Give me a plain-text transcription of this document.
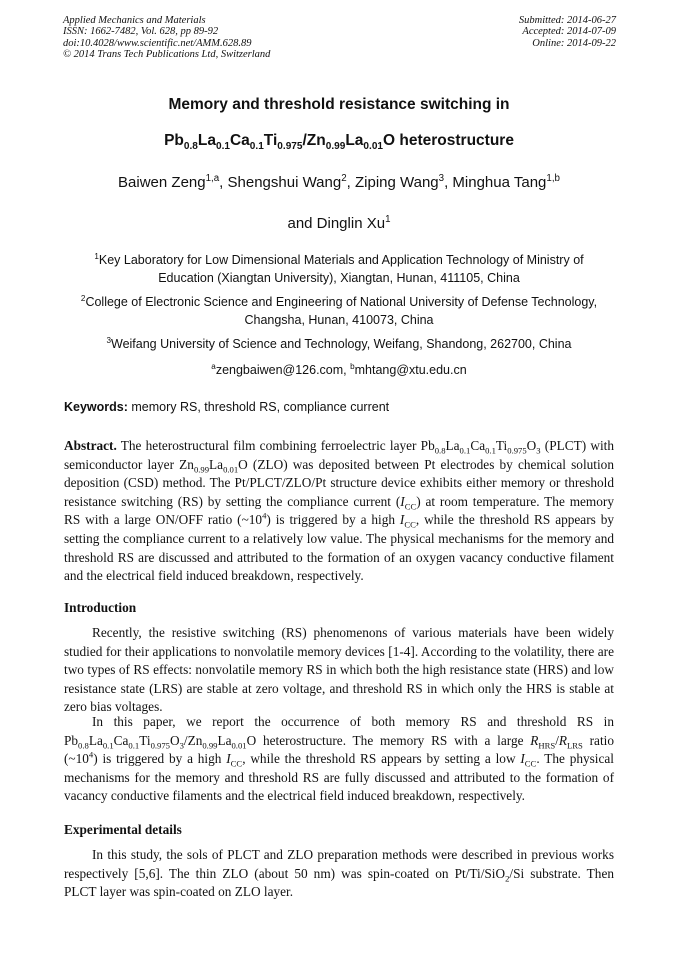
Applied Mechanics and Materials
ISSN: 1662-7482, Vol. 628, pp 89-92
doi:10.4028/www.scientific.net/AMM.628.89
© 2014 Trans Tech Publications Ltd, Switzerland
Submitted: 2014-06-27
Accepted: 2014-07-09
Online: 2014-09-22
Memory and threshold resistance switching in
$Pb_{0.8}La_{0.1}Ca_{0.1}Ti_{0.975}/Zn_{0.99}La_{0.01}O$ heterostructure
Baiwen Zeng$^{1,a}$, Shengshui Wang$^2$, Ziping Wang$^3$, Minghua Tang$^{1,b}$
and Dinglin Xu$^1$
$^1$Key Laboratory for Low Dimensional Materials and Application Technology of Ministry of
Education (Xiangtan University), Xiangtan, Hunan, 411105, China
$^2$College of Electronic Science and Engineering of National University of Defense Technology,
Changsha, Hunan, 410073, China
$^3$Weifang University of Science and Technology, Weifang, Shandong, 262700, China
$^a$zengbaiwen@126.com, $^b$mhtang@xtu.edu.cn
Keywords: memory RS, threshold RS, compliance current
Abstract. The heterostructural film combining ferroelectric layer $Pb_{0.8}La_{0.1}Ca_{0.1}Ti_{0.975}O_3$ (PLCT) with semiconductor layer $Zn_{0.99}La_{0.01}O$ (ZLO) was deposited between Pt electrodes by chemical solution deposition (CSD) method. The Pt/PLCT/ZLO/Pt structure device exhibits either memory or threshold resistance switching (RS) by setting the compliance current $(I_{CC})$ at room temperature. The memory RS with a large ON/OFF ratio $(\sim 10^4)$ is triggered by a high $I_{CC}$, while the threshold RS appears by setting the compliance current to a relatively low value. The physical mechanisms for the memory and threshold RS are discussed and attributed to the formation of an oxygen vacancy conductive filament and the electrical field induced breakdown, respectively.
Introduction
Recently, the resistive switching (RS) phenomenons of various materials have been widely studied for their applications to nonvolatile memory devices [1-4]. According to the volatility, there are two types of RS effects: nonvolatile memory RS in which both the high resistance state (HRS) and low resistance state (LRS) are stable at zero voltage, and threshold RS in which only the HRS is stable at zero bias voltages.
In this paper, we report the occurrence of both memory RS and threshold RS in $Pb_{0.8}La_{0.1}Ca_{0.1}Ti_{0.975}O_3/Zn_{0.99}La_{0.01}O$ heterostructure. The memory RS with a large $R_{HRS}/R_{LRS}$ ratio $(\sim 10^4)$ is triggered by a high $I_{CC}$, while the threshold RS appears by setting a low $I_{CC}$. The physical mechanisms for the memory and threshold RS are fully discussed and attributed to the formation of vacancy conductive filaments and the electrical field induced breakdown, respectively.
Experimental details
In this study, the sols of PLCT and ZLO preparation methods were described in previous works respectively [5,6]. The thin ZLO (about 50 nm) was spin-coated on Pt/Ti/SiO$_2$/Si substrate. Then PLCT layer was spin-coated on ZLO layer.
